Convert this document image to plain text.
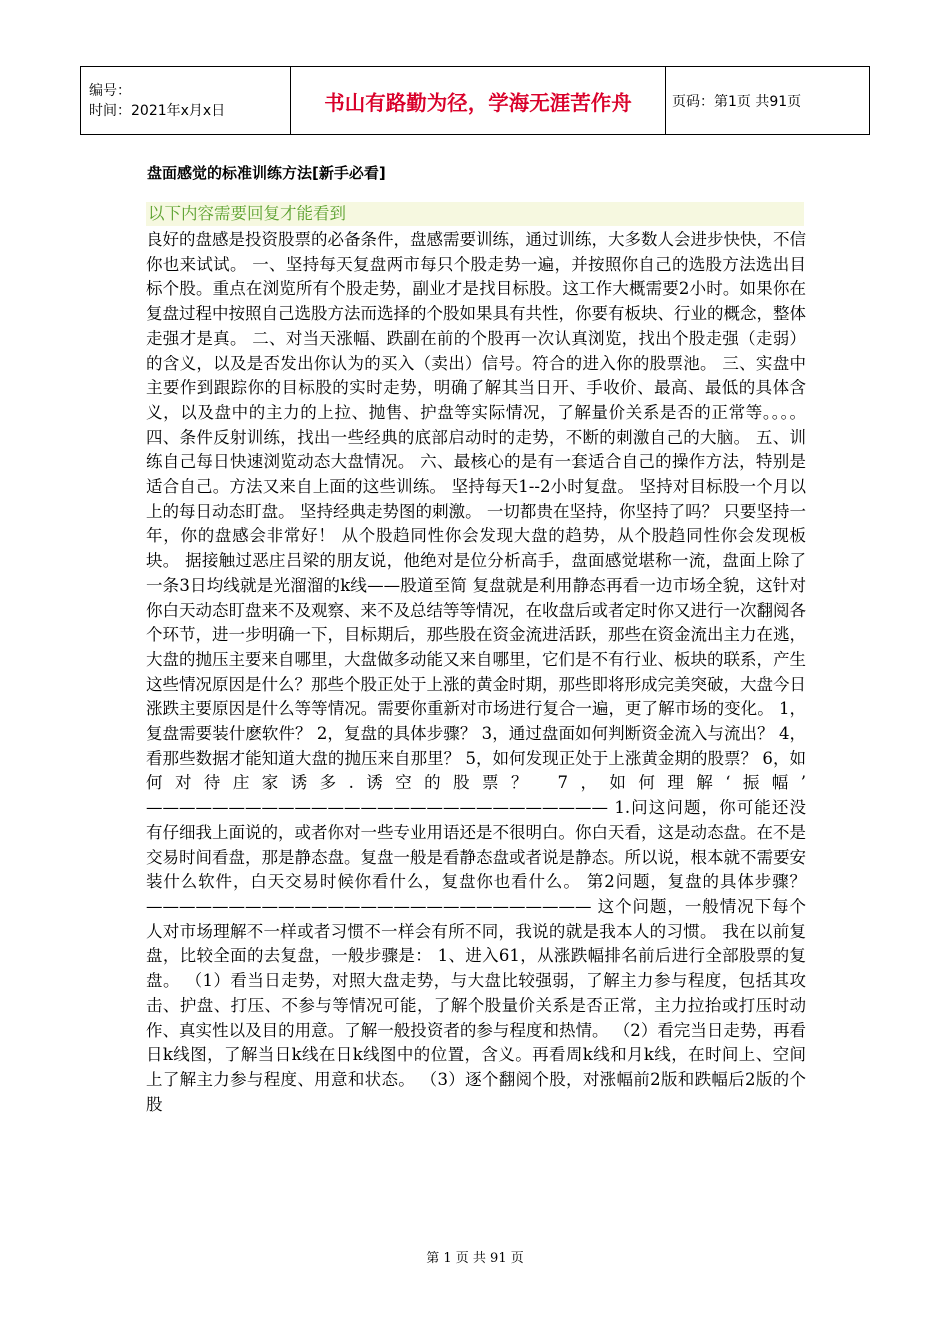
编号：
时间：2021年x月x日	书山有路勤为径，学海无涯苦作舟	页码：第1页 共91页
盘面感觉的标准训练方法[新手必看]
以下内容需要回复才能看到

良好的盘感是投资股票的必备条件，盘感需要训练，通过训练，大多数人会进步快快，不信你也来试试。 一、坚持每天复盘两市每只个股走势一遍，并按照你自己的选股方法选出目标个股。重点在浏览所有个股走势，副业才是找目标股。这工作大概需要2小时。如果你在复盘过程中按照自己选股方法而选择的个股如果具有共性，你要有板块、行业的概念，整体走强才是真。 二、对当天涨幅、跌副在前的个股再一次认真浏览，找出个股走强（走弱）的含义，以及是否发出你认为的买入（卖出）信号。符合的进入你的股票池。 三、实盘中主要作到跟踪你的目标股的实时走势，明确了解其当日开、手收价、最高、最低的具体含义，以及盘中的主力的上拉、抛售、护盘等实际情况，了解量价关系是否的正常等。。。。 四、条件反射训练，找出一些经典的底部启动时的走势，不断的刺激自己的大脑。 五、训练自己每日快速浏览动态大盘情况。 六、最核心的是有一套适合自己的操作方法，特别是适合自己。方法又来自上面的这些训练。 坚持每天1--2小时复盘。 坚持对目标股一个月以上的每日动态盯盘。 坚持经典走势图的刺激。 一切都贵在坚持，你坚持了吗？ 只要坚持一年，你的盘感会非常好！ 从个股趋同性你会发现大盘的趋势，从个股趋同性你会发现板块。 据接触过恶庄吕梁的朋友说，他绝对是位分析高手，盘面感觉堪称一流，盘面上除了一条3日均线就是光溜溜的k线——股道至简 复盘就是利用静态再看一边市场全貌，这针对你白天动态盯盘来不及观察、来不及总结等等情况，在收盘后或者定时你又进行一次翻阅各个环节，进一步明确一下，目标期后，那些股在资金流进活跃，那些在资金流出主力在逃，大盘的抛压主要来自哪里，大盘做多动能又来自哪里，它们是不有行业、板块的联系，产生这些情况原因是什么？那些个股正处于上涨的黄金时期，那些即将形成完美突破，大盘今日涨跌主要原因是什么等等情况。需要你重新对市场进行复合一遍，更了解市场的变化。 1，复盘需要装什麽软件？ 2，复盘的具体步骤？ 3，通过盘面如何判断资金流入与流出？ 4，看那些数据才能知道大盘的抛压来自那里？ 5，如何发现正处于上涨黄金期的股票？ 6，如何对待庄家诱多.诱空的股票？ 7，如何理解‘振幅’ ———————————————————————————— 1.问这问题，你可能还没有仔细我上面说的，或者你对一些专业用语还是不很明白。你白天看，这是动态盘。在不是交易时间看盘，那是静态盘。复盘一般是看静态盘或者说是静态。所以说，根本就不需要安装什么软件，白天交易时候你看什么，复盘你也看什么。 第2问题，复盘的具体步骤？ ——————————————————————————— 这个问题，一般情况下每个人对市场理解不一样或者习惯不一样会有所不同，我说的就是我本人的习惯。 我在以前复盘，比较全面的去复盘，一般步骤是： 1、进入61，从涨跌幅排名前后进行全部股票的复盘。 （1）看当日走势，对照大盘走势，与大盘比较强弱，了解主力参与程度，包括其攻击、护盘、打压、不参与等情况可能，了解个股量价关系是否正常，主力拉抬或打压时动作、真实性以及目的用意。了解一般投资者的参与程度和热情。 （2）看完当日走势，再看日k线图，了解当日k线在日k线图中的位置，含义。再看周k线和月k线，在时间上、空间上了解主力参与程度、用意和状态。 （3）逐个翻阅个股，对涨幅前2版和跌幅后2版的个股

第 1 页 共 91 页
